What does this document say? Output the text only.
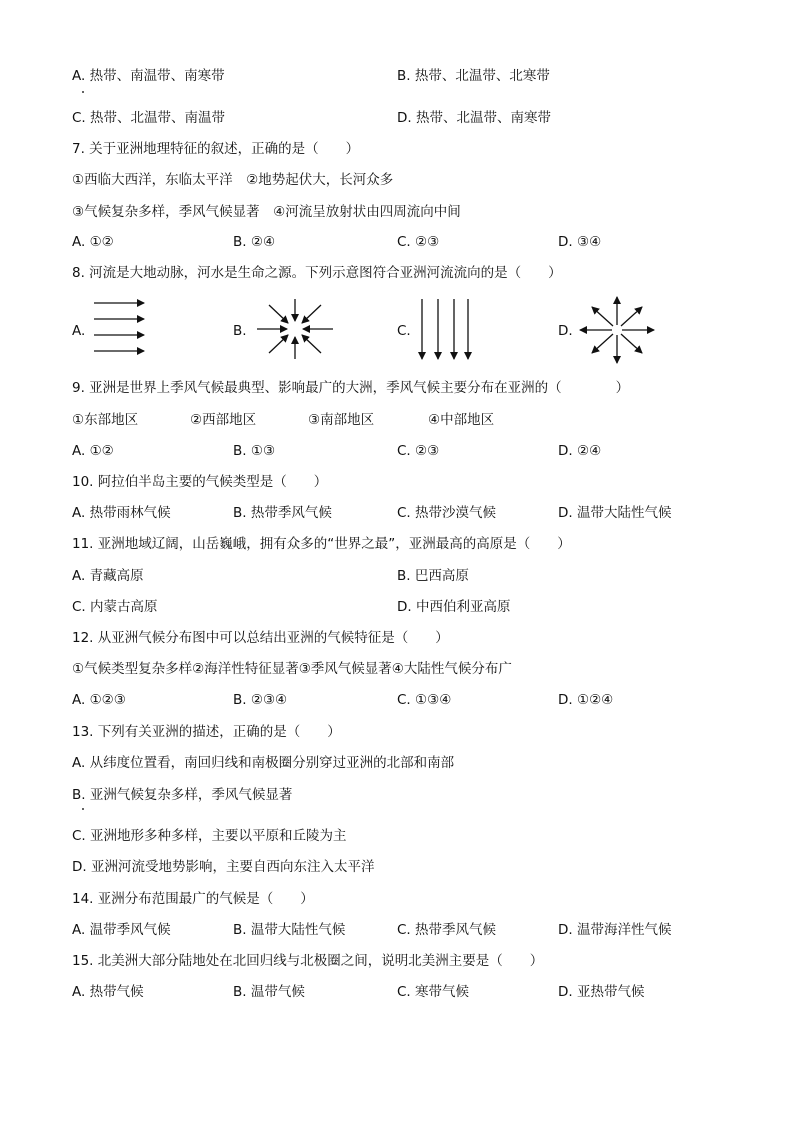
A. 热带、南温带、南寒带	B. 热带、北温带、北寒带
C. 热带、北温带、南温带	D. 热带、北温带、南寒带
7. 关于亚洲地理特征的叙述，正确的是（　　）
①西临大西洋，东临太平洋　②地势起伏大，长河众多
③气候复杂多样，季风气候显著　④河流呈放射状由四周流向中间
A. ①②	B. ②④	C. ②③	D. ③④
8. 河流是大地动脉，河水是生命之源。下列示意图符合亚洲河流流向的是（　　）
A.	B.	C.	D.
9. 亚洲是世界上季风气候最典型、影响最广的大洲，季风气候主要分布在亚洲的（　　　　）
①东部地区	②西部地区	③南部地区	④中部地区
A. ①②	B. ①③	C. ②③	D. ②④
10. 阿拉伯半岛主要的气候类型是（　　）
A. 热带雨林气候	B. 热带季风气候	C. 热带沙漠气候	D. 温带大陆性气候
11. 亚洲地域辽阔，山岳巍峨，拥有众多的“世界之最”，亚洲最高的高原是（　　）
A. 青藏高原	B. 巴西高原
C. 内蒙古高原	D. 中西伯利亚高原
12. 从亚洲气候分布图中可以总结出亚洲的气候特征是（　　）
①气候类型复杂多样②海洋性特征显著③季风气候显著④大陆性气候分布广
A. ①②③	B. ②③④	C. ①③④	D. ①②④
13. 下列有关亚洲的描述，正确的是（　　）
A. 从纬度位置看，南回归线和南极圈分别穿过亚洲的北部和南部
B. 亚洲气候复杂多样，季风气候显著
C. 亚洲地形多种多样，主要以平原和丘陵为主
D. 亚洲河流受地势影响，主要自西向东注入太平洋
14. 亚洲分布范围最广的气候是（　　）
A. 温带季风气候	B. 温带大陆性气候	C. 热带季风气候	D. 温带海洋性气候
15. 北美洲大部分陆地处在北回归线与北极圈之间，说明北美洲主要是（　　）
A. 热带气候	B. 温带气候	C. 寒带气候	D. 亚热带气候
